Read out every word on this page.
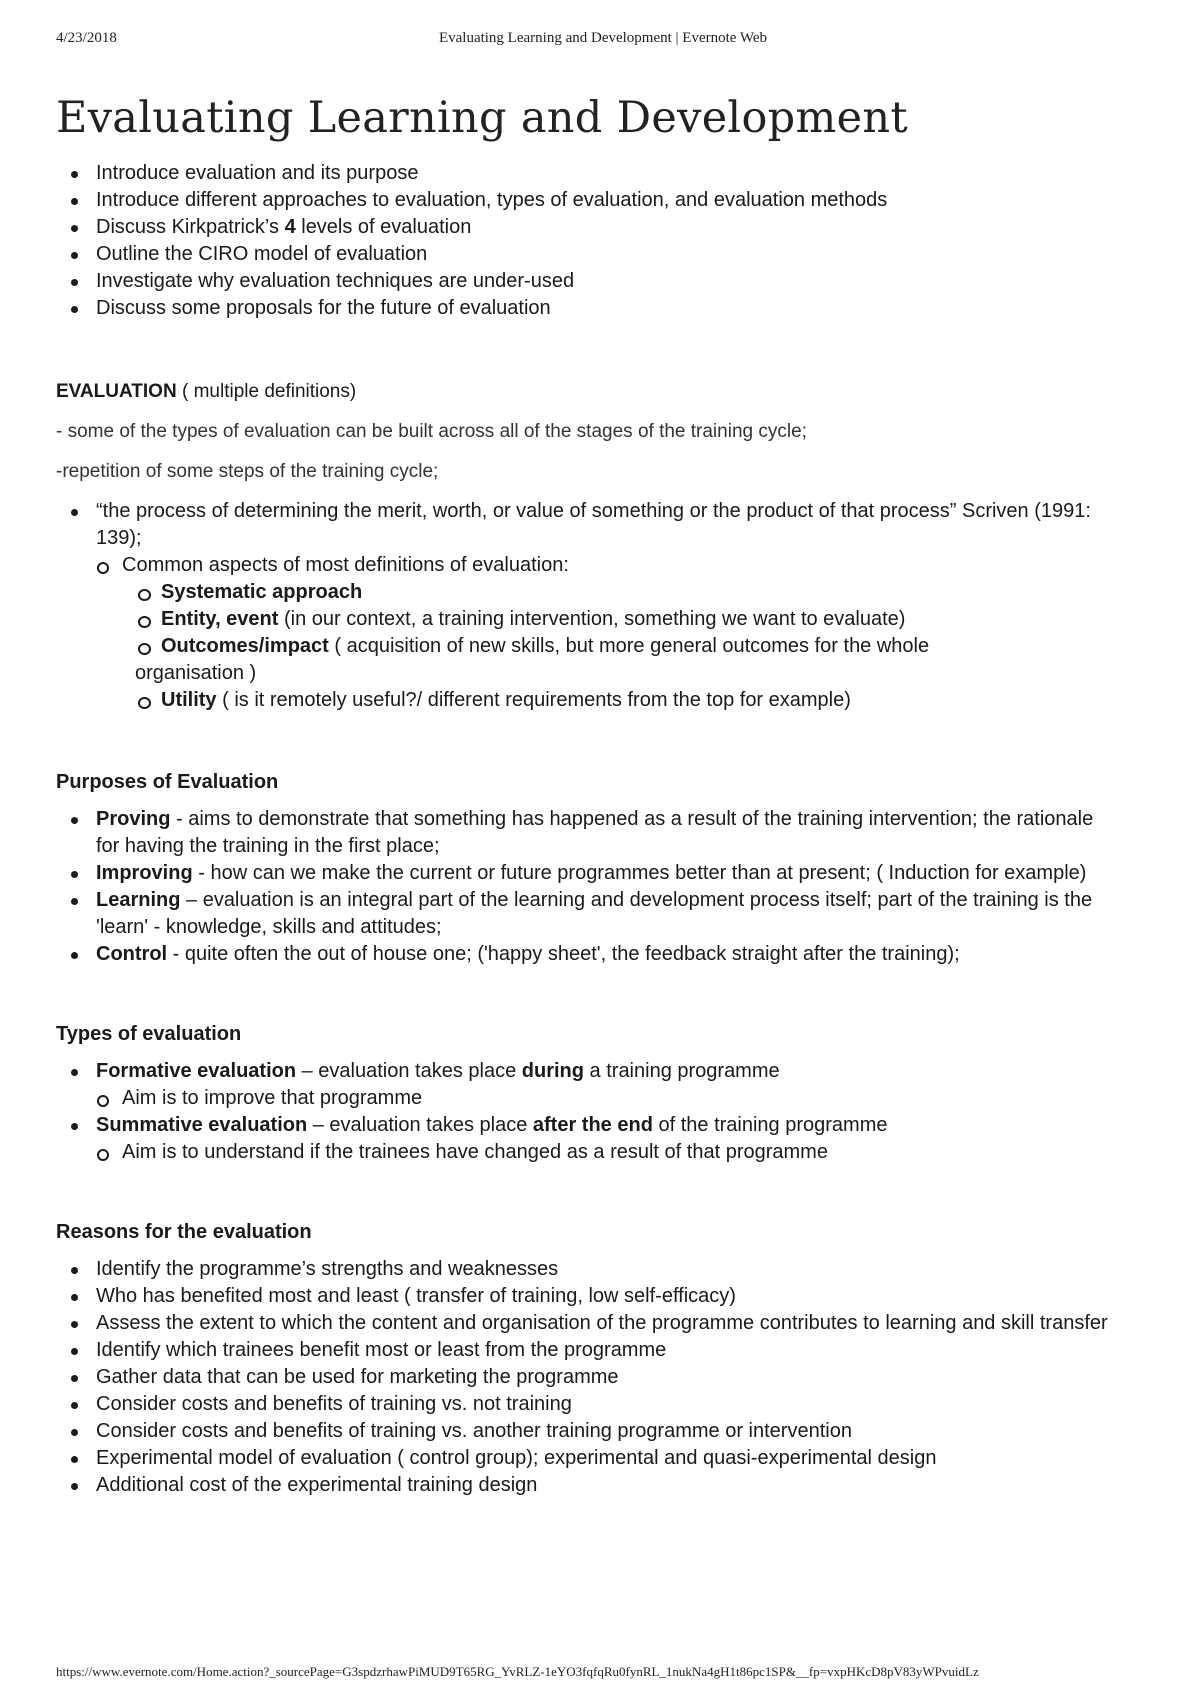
4/23/2018	Evaluating Learning and Development | Evernote Web
Evaluating Learning and Development
Introduce evaluation and its purpose
Introduce different approaches to evaluation, types of evaluation, and evaluation methods
Discuss Kirkpatrick’s 4 levels of evaluation
Outline the CIRO model of evaluation
Investigate why evaluation techniques are under-used
Discuss some proposals for the future of evaluation
EVALUATION ( multiple definitions)
- some of the types of evaluation can be built across all of the stages of the training cycle;
-repetition of some steps of the training cycle;
“the process of determining the merit, worth, or value of something or the product of that process” Scriven (1991: 139);
Common aspects of most definitions of evaluation:
Systematic approach
Entity, event (in our context, a training intervention, something we want to evaluate)
Outcomes/impact ( acquisition of new skills, but more general outcomes for the whole
organisation )
Utility ( is it remotely useful?/ different requirements from the top for example)
Purposes of Evaluation
Proving - aims to demonstrate that something has happened as a result of the training intervention; the rationale for having the training in the first place;
Improving - how can we make the current or future programmes better than at present; ( Induction for example)
Learning – evaluation is an integral part of the learning and development process itself; part of the training is the 'learn' - knowledge, skills and attitudes;
Control - quite often the out of house one; ('happy sheet', the feedback straight after the training);
Types of evaluation
Formative evaluation – evaluation takes place during a training programme
Aim is to improve that programme
Summative evaluation – evaluation takes place after the end of the training programme
Aim is to understand if the trainees have changed as a result of that programme
Reasons for the evaluation
Identify the programme’s strengths and weaknesses
Who has benefited most and least ( transfer of training, low self-efficacy)
Assess the extent to which the content and organisation of the programme contributes to learning and skill transfer
Identify which trainees benefit most or least from the programme
Gather data that can be used for marketing the programme
Consider costs and benefits of training vs. not training
Consider costs and benefits of training vs. another training programme or intervention
Experimental model of evaluation ( control group); experimental and quasi-experimental design
Additional cost of the experimental training design
https://www.evernote.com/Home.action?_sourcePage=G3spdzrhawPiMUD9T65RG_YvRLZ-1eYO3fqfqRu0fynRL_1nukNa4gH1t86pc1SP&__fp=vxpHKcD8pV83yWPvuidLz
